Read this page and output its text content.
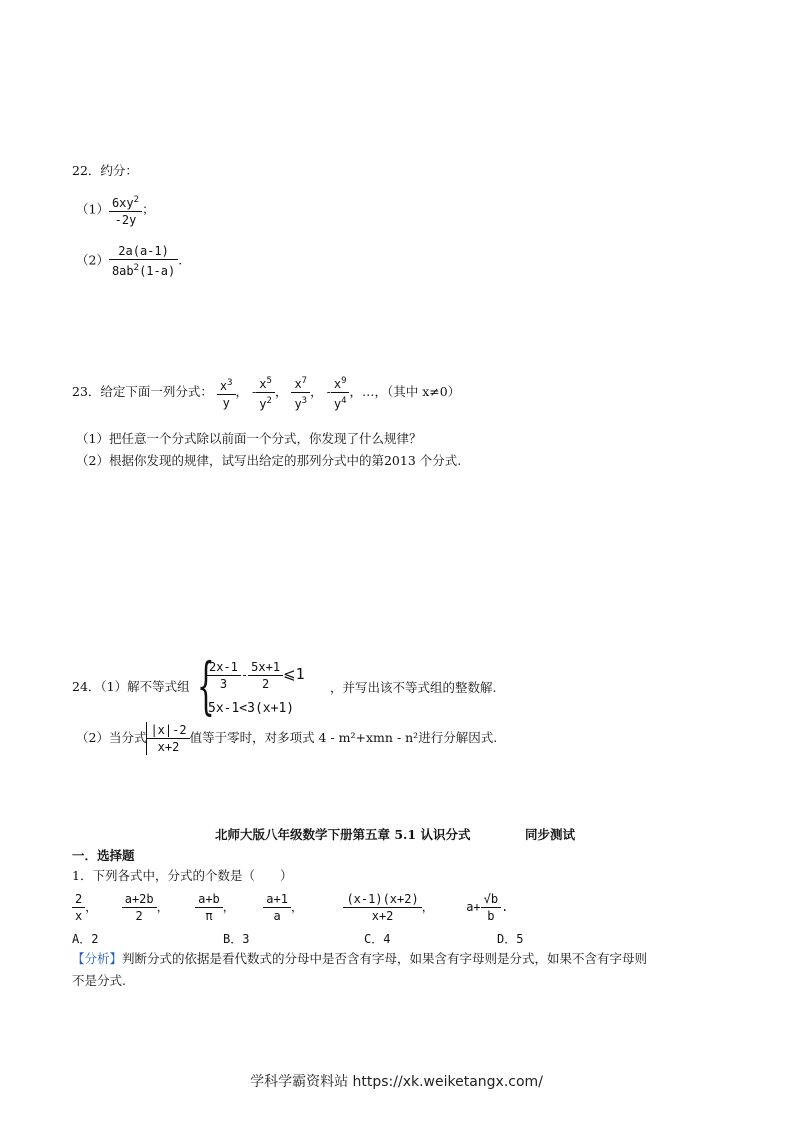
22．约分：
$(1) \frac{6xy^2}{-2y}$ ；
$(2) \frac{2a(a-1)}{8ab^2(1-a)}$ .
23．给定下面一列分式： $\frac{x^3}{y}$ ， - $\frac{x^5}{y^2}$ ， $\frac{x^7}{y^3}$ ， - $\frac{x^9}{y^4}$ ，…，（其中 x≠0）
（1）把任意一个分式除以前面一个分式，你发现了什么规律？
（2）根据你发现的规律，试写出给定的那列分式中的第2013 个分式.
24．（1）解不等式组 {
$\frac{2x-1}{3} - \frac{5x+1}{2}$ ⩽1
5x-1<3(x+1)
，并写出该不等式组的整数解.
（2）当分式 $\frac{|x|-2}{x+2}$ 值等于零时，对多项式 4 - m²+xmn - n²进行分解因式.
北师大版八年级数学下册第五章 5.1 认识分式	同步测试
一．选择题
1．下列各式中，分式的个数是（　　）
$\frac{2}{x}$ ， $\frac{a+2b}{2}$ ， $\frac{a+b}{\pi}$ ， $\frac{a+1}{a}$ ，	$\frac{(x-1)(x+2)}{x+2}$ ，	$a+ \frac{√b}{b}$ .
A．2	B．3	C．4	D．5
【分析】判断分式的依据是看代数式的分母中是否含有字母，如果含有字母则是分式，如果不含有字母则
不是分式.
学科学霸资料站 https://xk.weiketangx.com/
